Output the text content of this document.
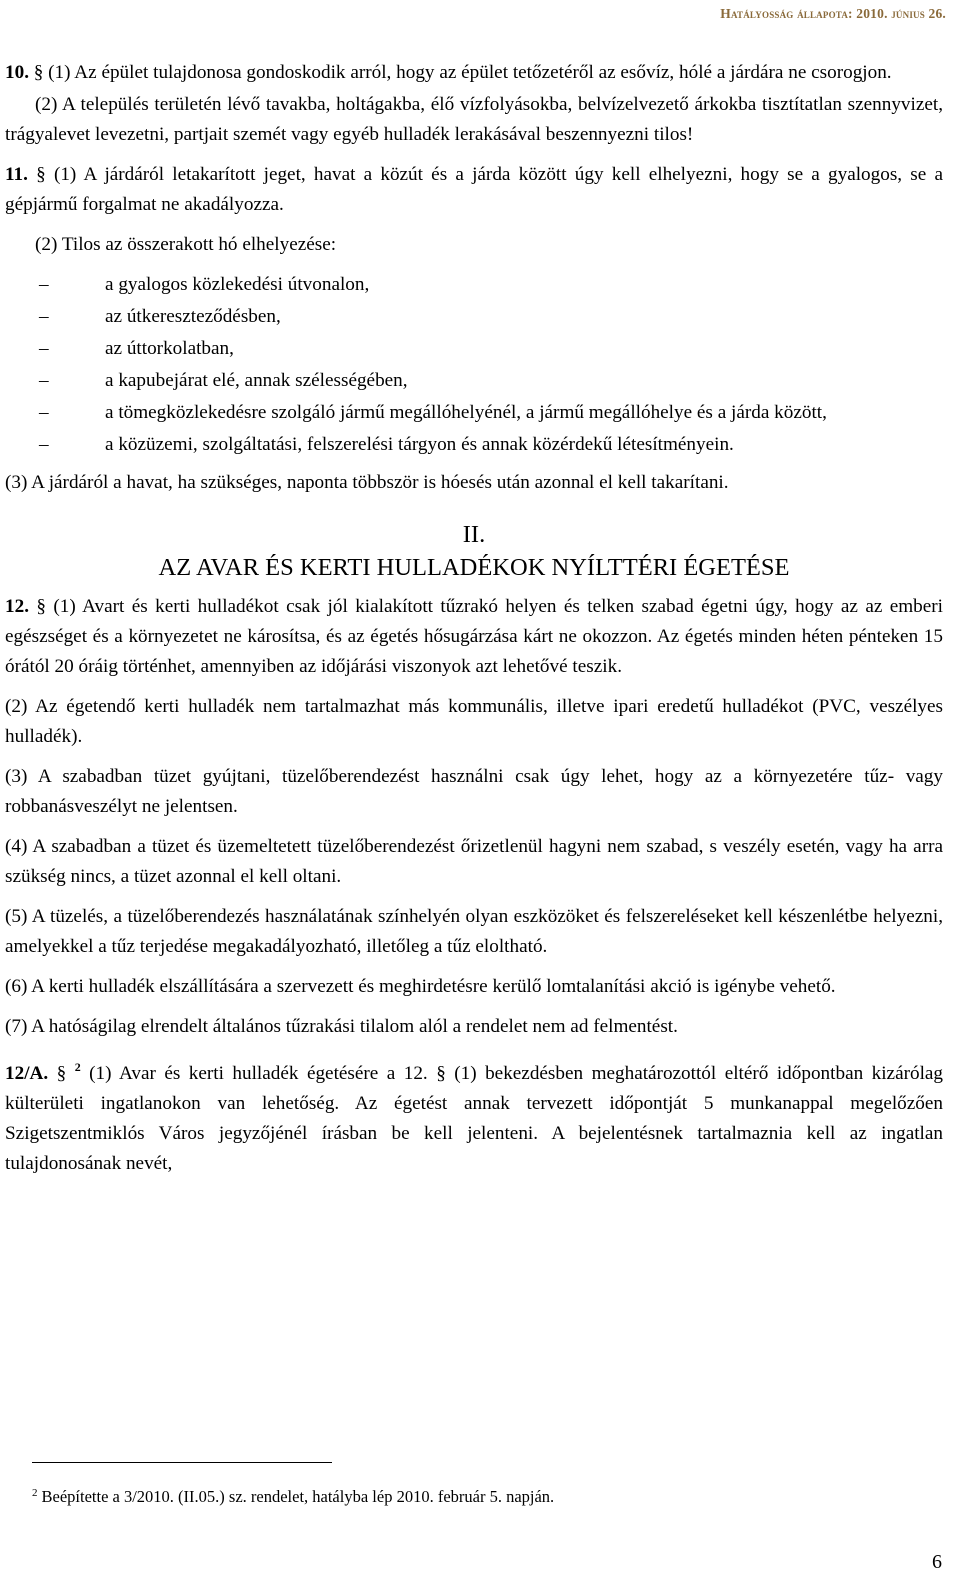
Hatályosság állapota: 2010. június 26.

10. § (1) Az épület tulajdonosa gondoskodik arról, hogy az épület tetőzetéről az esővíz, hólé a járdára ne csorogjon.

(2) A település területén lévő tavakba, holtágakba, élő vízfolyásokba, belvízelvezető árkokba tisztítatlan szennyvizet, trágyalevet levezetni, partjait szemét vagy egyéb hulladék lerakásával beszennyezni tilos!

11. § (1) A járdáról letakarított jeget, havat a közút és a járda között úgy kell elhelyezni, hogy se a gyalogos, se a gépjármű forgalmat ne akadályozza.

(2) Tilos az összerakott hó elhelyezése:

–	a gyalogos közlekedési útvonalon,
–	az útkereszteződésben,
–	az úttorkolatban,
–	a kapubejárat elé, annak szélességében,
–	a tömegközlekedésre szolgáló jármű megállóhelyénél, a jármű megállóhelye és a járda között,
–	a közüzemi, szolgáltatási, felszerelési tárgyon és annak közérdekű létesítményein.

(3) A járdáról a havat, ha szükséges, naponta többször is hóesés után azonnal el kell takarítani.

II.
AZ AVAR ÉS KERTI HULLADÉKOK NYÍLTTÉRI ÉGETÉSE

12. § (1) Avart és kerti hulladékot csak jól kialakított tűzrakó helyen és telken szabad égetni úgy, hogy az az emberi egészséget és a környezetet ne károsítsa, és az égetés hősugárzása kárt ne okozzon. Az égetés minden héten pénteken 15 órától 20 óráig történhet, amennyiben az időjárási viszonyok azt lehetővé teszik.

(2) Az égetendő kerti hulladék nem tartalmazhat más kommunális, illetve ipari eredetű hulladékot (PVC, veszélyes hulladék).

(3) A szabadban tüzet gyújtani, tüzelőberendezést használni csak úgy lehet, hogy az a környezetére tűz- vagy robbanásveszélyt ne jelentsen.

(4) A szabadban a tüzet és üzemeltetett tüzelőberendezést őrizetlenül hagyni nem szabad, s veszély esetén, vagy ha arra szükség nincs, a tüzet azonnal el kell oltani.

(5) A tüzelés, a tüzelőberendezés használatának színhelyén olyan eszközöket és felszereléseket kell készenlétbe helyezni, amelyekkel a tűz terjedése megakadályozható, illetőleg a tűz eloltható.

(6) A kerti hulladék elszállítására a szervezett és meghirdetésre kerülő lomtalanítási akció is igénybe vehető.

(7) A hatóságilag elrendelt általános tűzrakási tilalom alól a rendelet nem ad felmentést.

12/A. § $^2$ (1) Avar és kerti hulladék égetésére a 12. § (1) bekezdésben meghatározottól eltérő időpontban kizárólag külterületi ingatlanokon van lehetőség. Az égetést annak tervezett időpontját 5 munkanappal megelőzően Szigetszentmiklós Város jegyzőjénél írásban be kell jelenteni. A bejelentésnek tartalmaznia kell az ingatlan tulajdonosának nevét,

$^2$ Beépítette a 3/2010. (II.05.) sz. rendelet, hatályba lép 2010. február 5. napján.
6
